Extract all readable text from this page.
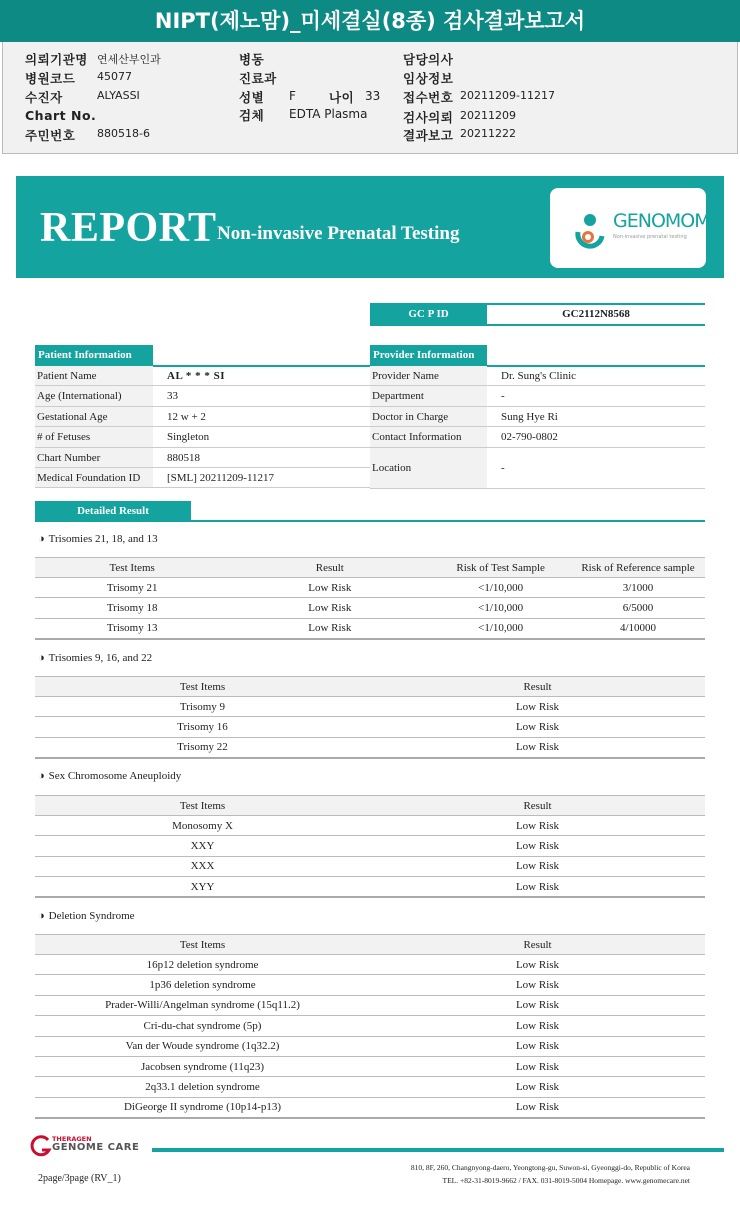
NIPT(제노맘)_미세결실(8종) 검사결과보고서
의뢰기관명 연세산부인과
병원코드 45077
수진자	ALYASSI
Chart No.
주민번호 880518-6
병동
진료과
성별 F	나이 33
검체 EDTA Plasma
담당의사
임상정보
접수번호 20211209-11217
검사의뢰 20211209
결과보고 20211222
REPORT Non-invasive Prenatal Testing
GENOMOM
Non-invasive prenatal testing
GC P ID	GC2112N8568
Patient Information
Patient Name	AL * * * SI
Age (International)	33
Gestational Age	12 w + 2
# of Fetuses	Singleton
Chart Number	880518
Medical Foundation ID	[SML] 20211209-11217
Provider Information
Provider Name	Dr. Sung's Clinic
Department	-
Doctor in Charge	Sung Hye Ri
Contact Information	02-790-0802
Location	-
Detailed Result
◑ Trisomies 21, 18, and 13
Test Items	Result	Risk of Test Sample	Risk of Reference sample
Trisomy 21	Low Risk	<1/10,000	3/1000
Trisomy 18	Low Risk	<1/10,000	6/5000
Trisomy 13	Low Risk	<1/10,000	4/10000
◑ Trisomies 9, 16, and 22
Test Items	Result
Trisomy 9	Low Risk
Trisomy 16	Low Risk
Trisomy 22	Low Risk
◑ Sex Chromosome Aneuploidy
Test Items	Result
Monosomy X	Low Risk
XXY	Low Risk
XXX	Low Risk
XYY	Low Risk
◑ Deletion Syndrome
Test Items	Result
16p12 deletion syndrome	Low Risk
1p36 deletion syndrome	Low Risk
Prader-Willi/Angelman syndrome (15q11.2)	Low Risk
Cri-du-chat syndrome (5p)	Low Risk
Van der Woude syndrome (1q32.2)	Low Risk
Jacobsen syndrome (11q23)	Low Risk
2q33.1 deletion syndrome	Low Risk
DiGeorge II syndrome (10p14-p13)	Low Risk
THERAGEN
GENOME CARE
2page/3page (RV_1)
810, 8F, 260, Changnyong-daero, Yeongtong-gu, Suwon-si, Gyeonggi-do, Republic of Korea
TEL. +82-31-8019-9662 / FAX. 031-8019-5004 Homepage. www.genomecare.net
